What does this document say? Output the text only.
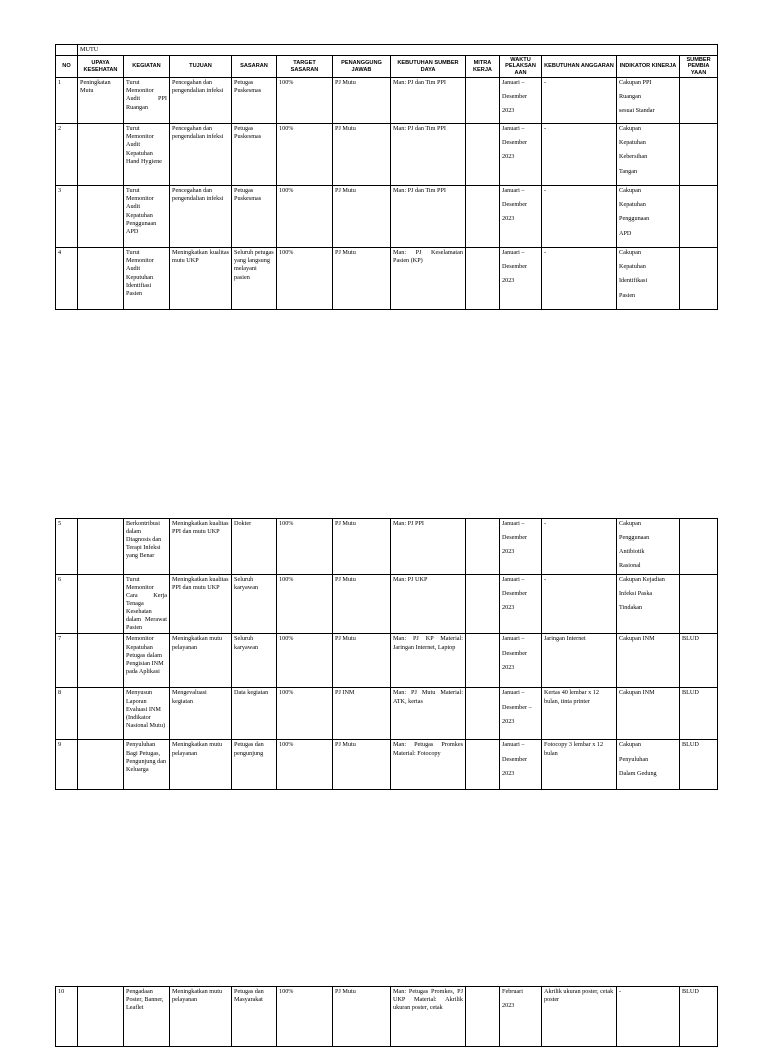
	MUTU											
NO	UPAYA KESEHATAN	KEGIATAN	TUJUAN	SASARAN	TARGET SASARAN	PENANGGUNG JAWAB	KEBUTUHAN SUMBER DAYA	MITRA KERJA	WAKTU PELAKSAN AAN	KEBUTUHAN ANGGARAN	INDIKATOR KINERJA	SUMBER PEMBIA YAAN
1	Peningkatan Mutu	Turut Memonitor Audit PPI Ruangan	Pencegahan dan pengendalian infeksi	Petugas Puskesmas	100%	PJ Mutu	Man: PJ dan Tim PPI		Januari –
Desember
2023	-	Cakupan PPI
Ruangan
sesuai Standar	
2		Turut Memonitor Audit Kepatuhan Hand Hygiene	Pencegahan dan pengendalian infeksi	Petugas Puskesmas	100%	PJ Mutu	Man: PJ dan Tim PPI		Januari –
Desember
2023	-	Cakupan
Kepatuhan
Kebersihan
Tangan	
3		Turut Memonitor Audit Kepatuhan Penggunaan APD	Pencegahan dan pengendalian infeksi	Petugas Puskesmas	100%	PJ Mutu	Man: PJ dan Tim PPI		Januari –
Desember
2023	-	Cakupan
Kepatuhan
Penggunaan
APD	
4		Turut Memonitor Audit Keputuhan Identifiasi Pasien	Meningkatkan kualitas mutu UKP	Seluruh petugas yang langsung melayani pasien	100%	PJ Mutu	Man: PJ Keselamatan Pasien (KP)		Januari –
Desember
2023	-	Cakupan
Kepatuhan
Identifikasi
Pasien	
5		Berkontribusi dalam Diagnosis dan Terapi Infeksi yang Benar	Meningkatkan kualitas PPI dan mutu UKP	Dokter	100%	PJ Mutu	Man: PJ PPI		Januari –
Desember
2023	-	Cakupan
Penggunaan
Antibiotik
Rasional	
6		Turut Memonitor Cara Kerja Tenaga Kesehatan dalam Merawat Pasien	Meningkatkan kualitas PPI dan mutu UKP	Seluruh karyawan	100%	PJ Mutu	Man: PJ UKP		Januari –
Desember
2023	-	Cakupan Kejadian
Infeksi Paska
Tindakan	
7		Memonitor Kepatuhan Petugas dalam Pengisian INM pada Aplikasi	Meningkatkan mutu pelayanan	Seluruh karyawan	100%	PJ Mutu	Man: PJ KP Material: Jaringan Internet, Laptop		Januari –
Desember
2023	Jaringan Internet	Cakupan INM	BLUD
8		Menyusun Laporan Evaluasi INM (Indikator Nasional Mutu)	Mengevaluasi kegiatan	Data kegiatan	100%	PJ INM	Man: PJ Mutu Material: ATK, kertas		Januari –
Desember –
2023	Kertas 40 lembar x 12 bulan, tinta printer	Cakupan INM	BLUD
9		Penyuluhan Bagi Petugas, Pengunjung dan Keluarga	Meningkatkan mutu pelayanan	Petugas dan pengunjung	100%	PJ Mutu	Man: Petugas Promkes Material: Fotocopy		Januari –
Desember
2023	Fotocopy 3 lembar x 12 bulan	Cakupan
Penyuluhan
Dalam Gedung	BLUD
10		Pengadaan Poster, Banner, Leaflet	Meningkatkan mutu pelayanan	Petugas dan Masyarakat	100%	PJ Mutu	Man: Petugas Promkes, PJ UKP Material: Akrilik ukuran poster, cetak		Februari
2023	Akrilik ukuran poster, cetak poster	-	BLUD
